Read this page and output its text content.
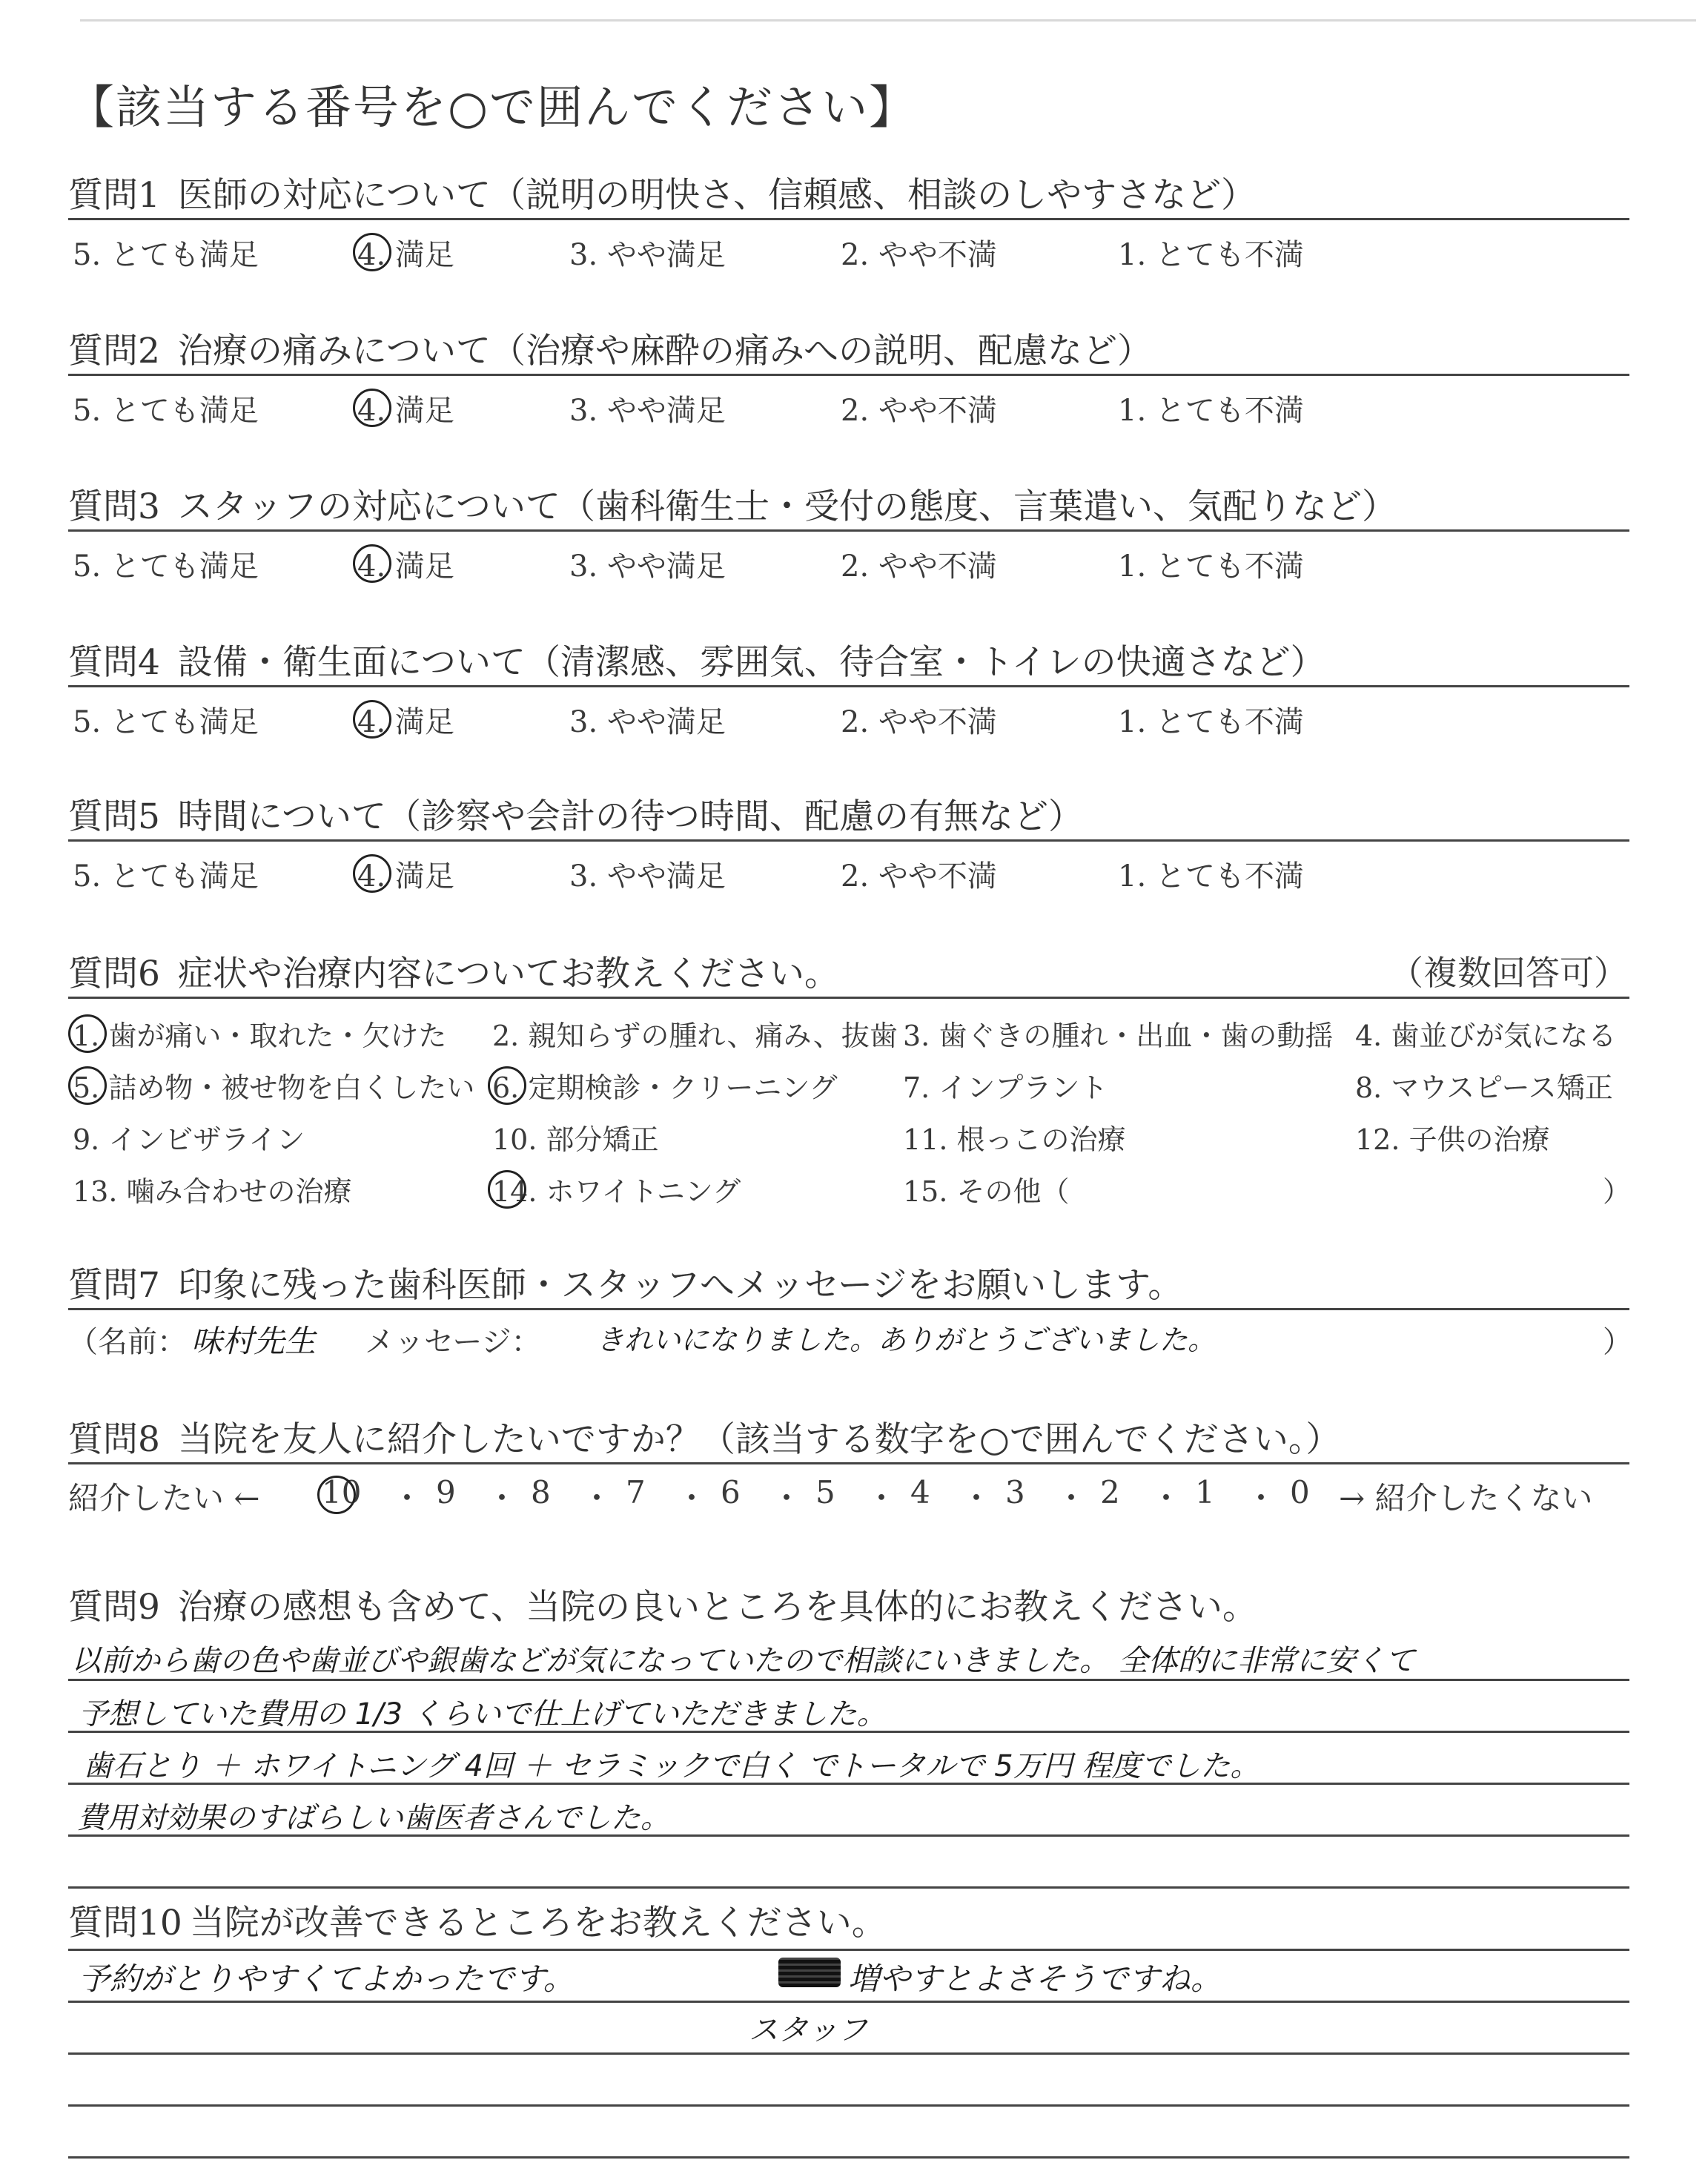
【該当する番号を○で囲んでください】
質問1 医師の対応について（説明の明快さ、信頼感、相談のしやすさなど）
5. とても満足	4. 満足	3. やや満足	2. やや不満	1. とても不満
質問2 治療の痛みについて（治療や麻酔の痛みへの説明、配慮など）
5. とても満足	4. 満足	3. やや満足	2. やや不満	1. とても不満
質問3 スタッフの対応について（歯科衛生士・受付の態度、言葉遣い、気配りなど）
5. とても満足	4. 満足	3. やや満足	2. やや不満	1. とても不満
質問4 設備・衛生面について（清潔感、雰囲気、待合室・トイレの快適さなど）
5. とても満足	4. 満足	3. やや満足	2. やや不満	1. とても不満
質問5 時間について（診察や会計の待つ時間、配慮の有無など）
5. とても満足	4. 満足	3. やや満足	2. やや不満	1. とても不満
質問6 症状や治療内容についてお教えください。	（複数回答可）
1. 歯が痛い・取れた・欠けた 2. 親知らずの腫れ、痛み、抜歯 3. 歯ぐきの腫れ・出血・歯の動揺 4. 歯並びが気になる
5. 詰め物・被せ物を白くしたい 6. 定期検診・クリーニング 7. インプラント	8. マウスピース矯正
9. インビザライン	10. 部分矯正	11. 根っこの治療	12. 子供の治療
13. 噛み合わせの治療	14. ホワイトニング	15. その他（	）
質問7 印象に残った歯科医師・スタッフへメッセージをお願いします。
（名前： 味村先生 メッセージ： きれいになりました。ありがとうございました。	）
質問8 当院を友人に紹介したいですか？（該当する数字を○で囲んでください。）
紹介したい ← 10 ・ 9 ・ 8 ・ 7 ・ 6 ・ 5 ・ 4 ・ 3 ・ 2 ・ 1 ・ 0 → 紹介したくない
質問9 治療の感想も含めて、当院の良いところを具体的にお教えください。
以前から歯の色や歯並びや銀歯などが気になっていたので相談にいきました。 全体的に非常に安くて
予想していた費用の 1/3 くらいで仕上げていただきました。
歯石とり ＋ ホワイトニング 4回 ＋ セラミックで白く でトータルで 5万円 程度でした。
費用対効果のすばらしい歯医者さんでした。
質問10 当院が改善できるところをお教えください。
予約がとりやすくてよかったです。	増やすとよさそうですね。
スタッフ
